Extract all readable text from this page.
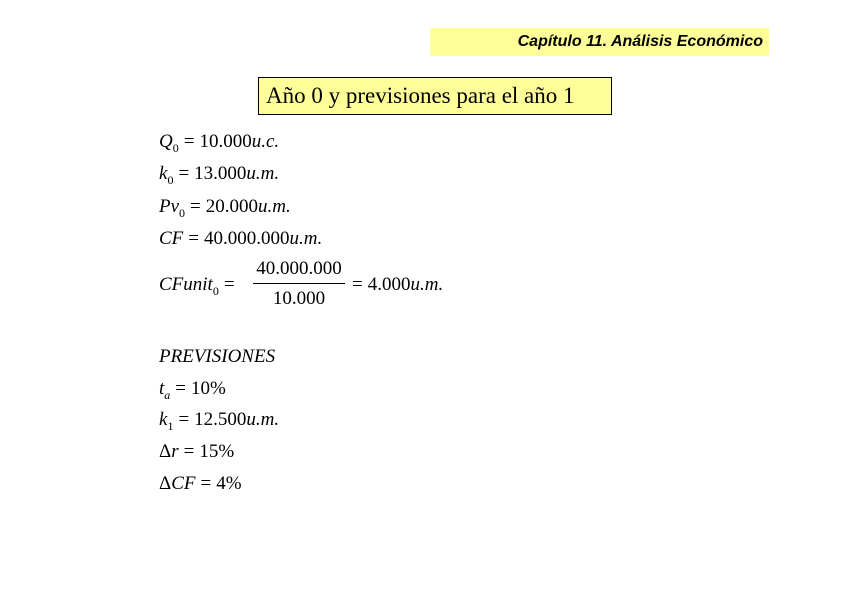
Capítulo 11. Análisis Económico
Año 0 y previsiones para el año 1
$Q_0 = 10.000u.c$.
$k_0 = 13.000u.m$.
$Pv_0 = 20.000u.m$.
CF = 40.000.000u.m.
CFunit$_0$ =
40.000.000
10.000
= 4.000u.m.
PREVISIONES
$t_a = 10\%$
$k_1 = 12.500u.m$.
Δr = 15%
ΔCF = 4%
